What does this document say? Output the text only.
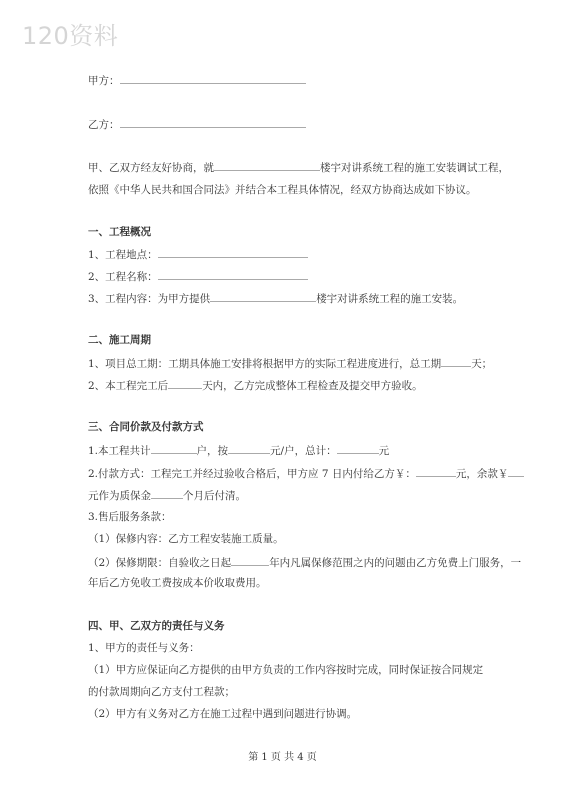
120资料
甲方：
乙方：
甲、乙双方经友好协商，就	楼宇对讲系统工程的施工安装调试工程，
依照《中华人民共和国合同法》并结合本工程具体情况，经双方协商达成如下协议。
一、工程概况
1、工程地点：
2、工程名称：
3、工程内容：为甲方提供	楼宇对讲系统工程的施工安装。
二、施工周期
1、项目总工期：工期具体施工安排将根据甲方的实际工程进度进行，总工期	天；
2、本工程完工后	天内，乙方完成整体工程检查及提交甲方验收。
三、合同价款及付款方式
1.本工程共计	户，按	元/户，总计：	元
2.付款方式：工程完工并经过验收合格后，甲方应 7 日内付给乙方￥：	元，余款￥
元作为质保金	个月后付清。
3.售后服务条款：
（1）保修内容：乙方工程安装施工质量。
（2）保修期限：自验收之日起	年内凡属保修范围之内的问题由乙方免费上门服务，一
年后乙方免收工费按成本价收取费用。
四、甲、乙双方的责任与义务
1、甲方的责任与义务：
（1）甲方应保证向乙方提供的由甲方负责的工作内容按时完成，同时保证按合同规定
的付款周期向乙方支付工程款；
（2）甲方有义务对乙方在施工过程中遇到问题进行协调。
第 1 页 共 4 页
